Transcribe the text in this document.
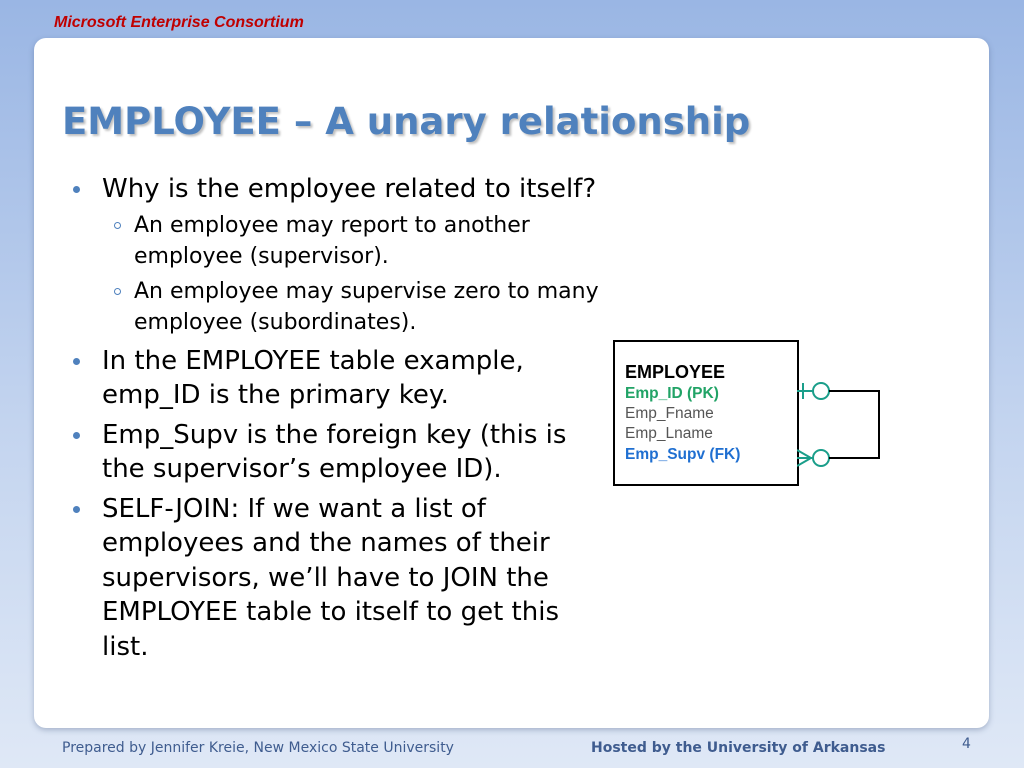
Microsoft Enterprise Consortium
EMPLOYEE – A unary relationship
Why is the employee related to itself?
An employee may report to another employee (supervisor).
An employee may supervise zero to many employee (subordinates).
In the EMPLOYEE table example, emp_ID is the primary key.
Emp_Supv is the foreign key (this is the supervisor’s employee ID).
SELF-JOIN: If we want a list of employees and the names of their supervisors, we’ll have to JOIN the EMPLOYEE table to itself to get this list.
EMPLOYEE
Emp_ID (PK)
Emp_Fname
Emp_Lname
Emp_Supv (FK)
Prepared by Jennifer Kreie, New Mexico State University	Hosted by the University of Arkansas	4
